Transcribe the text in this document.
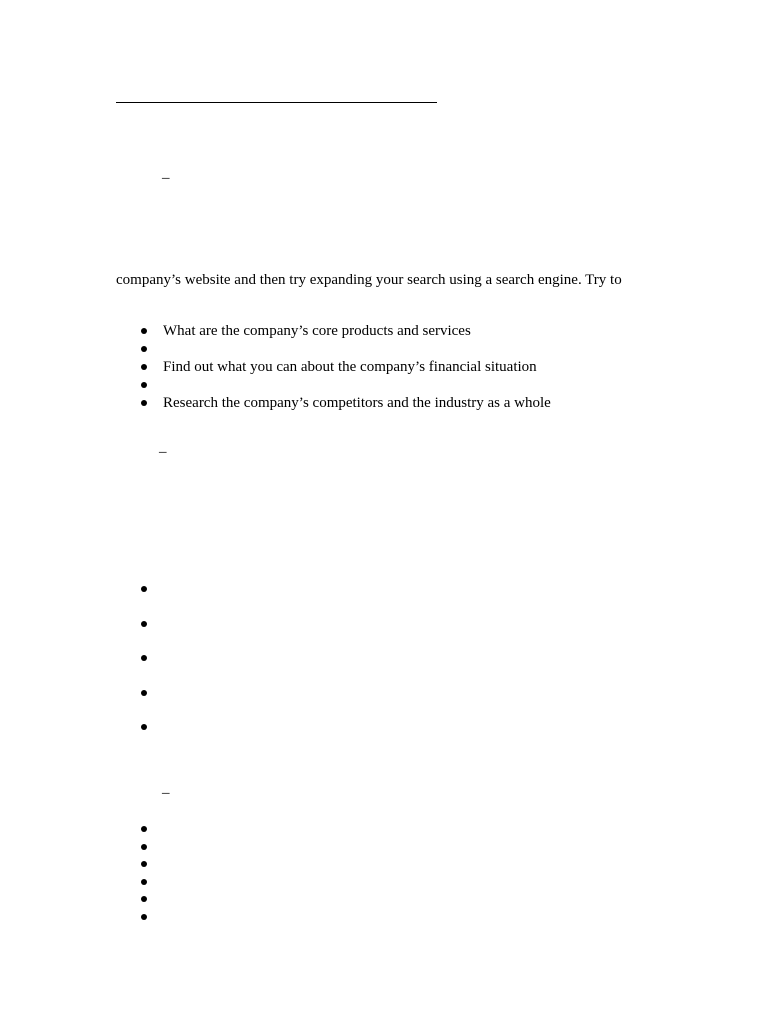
–
company’s website and then try expanding your search using a search engine. Try to
What are the company’s core products and services
Find out what you can about the company’s financial situation
Research the company’s competitors and the industry as a whole
–
–
